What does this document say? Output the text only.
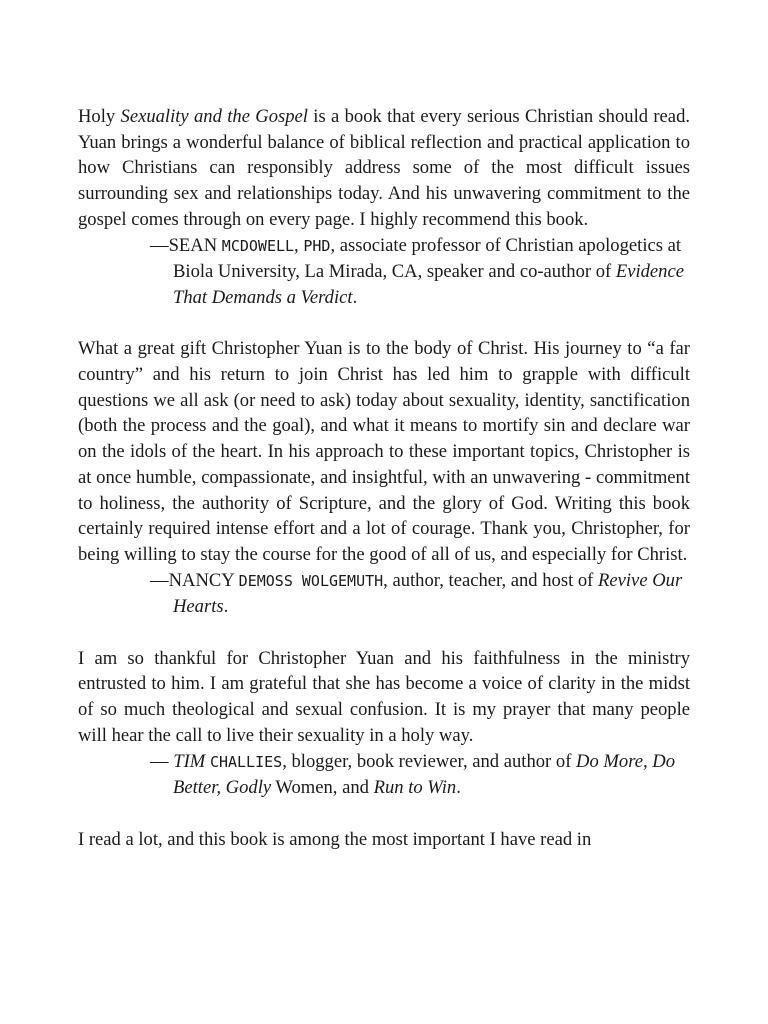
Holy Sexuality and the Gospel is a book that every serious Christian should read. Yuan brings a wonderful balance of biblical reflection and practical application to how Christians can responsibly address some of the most difficult issues surrounding sex and relationships today. And his unwavering commitment to the gospel comes through on every page. I highly recommend this book.

—SEAN MCDOWELL, PHD, associate professor of Christian apologetics at Biola University, La Mirada, CA, speaker and co-author of Evidence That Demands a Verdict.

What a great gift Christopher Yuan is to the body of Christ. His journey to “a far country” and his return to join Christ has led him to grapple with difficult questions we all ask (or need to ask) today about sexuality, identity, sanctification (both the process and the goal), and what it means to mortify sin and declare war on the idols of the heart. In his approach to these important topics, Christopher is at once humble, compassionate, and insightful, with an unwavering - commitment to holiness, the authority of Scripture, and the glory of God. Writing this book certainly required intense effort and a lot of courage. Thank you, Christopher, for being willing to stay the course for the good of all of us, and especially for Christ.

—NANCY DEMOSS WOLGEMUTH, author, teacher, and host of Revive Our Hearts.

I am so thankful for Christopher Yuan and his faithfulness in the ministry entrusted to him. I am grateful that she has become a voice of clarity in the midst of so much theological and sexual confusion. It is my prayer that many people will hear the call to live their sexuality in a holy way.

— TIM CHALLIES, blogger, book reviewer, and author of Do More, Do Better, Godly Women, and Run to Win.

I read a lot, and this book is among the most important I have read in
